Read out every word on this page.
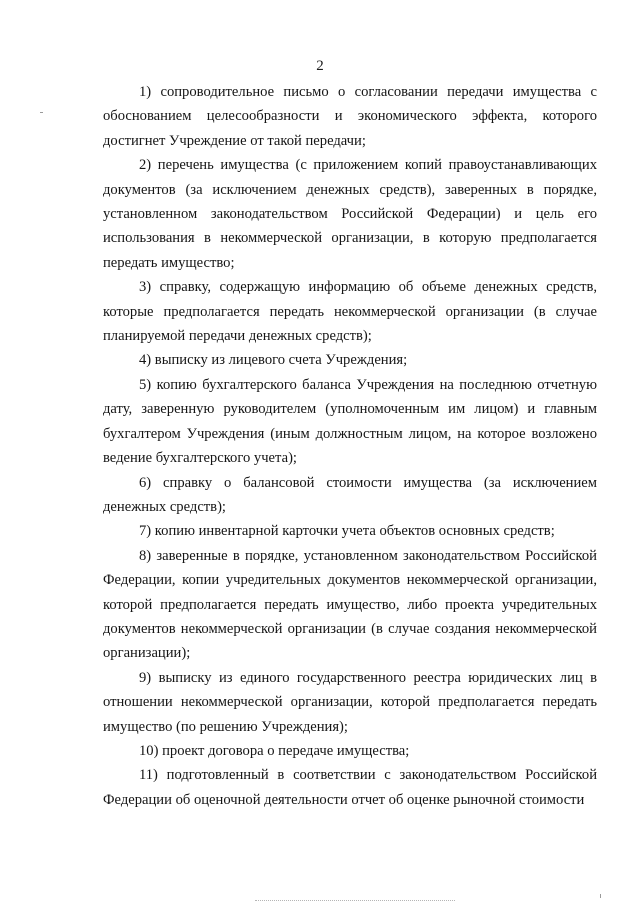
2

1) сопроводительное письмо о согласовании передачи имущества с обоснованием целесообразности и экономического эффекта, которого достигнет Учреждение от такой передачи;

2) перечень имущества (с приложением копий правоустанавливающих документов (за исключением денежных средств), заверенных в порядке, установленном законодательством Российской Федерации) и цель его использования в некоммерческой организации, в которую предполагается передать имущество;

3) справку, содержащую информацию об объеме денежных средств, которые предполагается передать некоммерческой организации (в случае планируемой передачи денежных средств);

4) выписку из лицевого счета Учреждения;

5) копию бухгалтерского баланса Учреждения на последнюю отчетную дату, заверенную руководителем (уполномоченным им лицом) и главным бухгалтером Учреждения (иным должностным лицом, на которое возложено ведение бухгалтерского учета);

6) справку о балансовой стоимости имущества (за исключением денежных средств);

7) копию инвентарной карточки учета объектов основных средств;

8) заверенные в порядке, установленном законодательством Российской Федерации, копии учредительных документов некоммерческой организации, которой предполагается передать имущество, либо проекта учредительных документов некоммерческой организации (в случае создания некоммерческой организации);

9) выписку из единого государственного реестра юридических лиц в отношении некоммерческой организации, которой предполагается передать имущество (по решению Учреждения);

10) проект договора о передаче имущества;

11) подготовленный в соответствии с законодательством Российской Федерации об оценочной деятельности отчет об оценке рыночной стоимости
